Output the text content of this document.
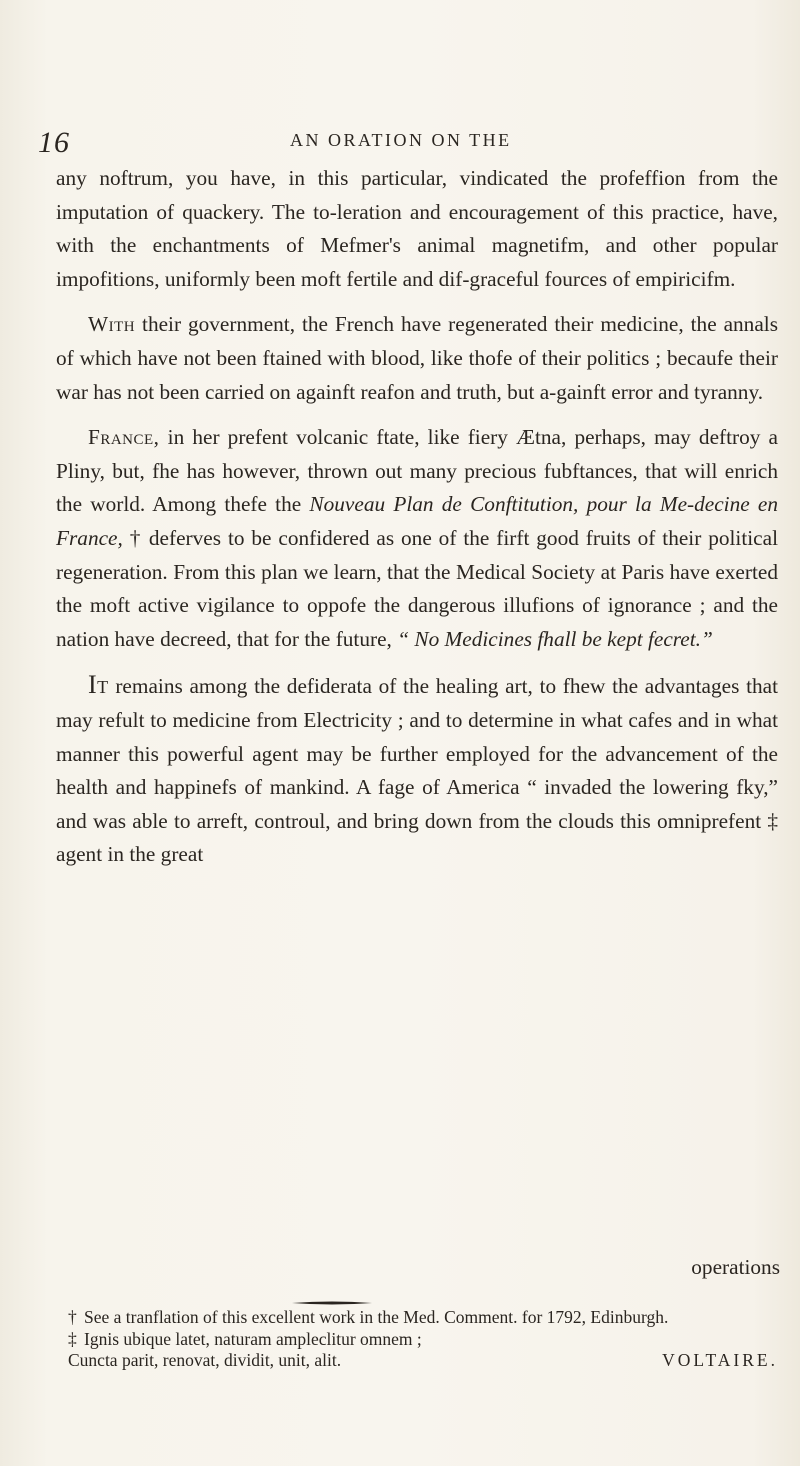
16	AN ORATION ON THE

any noftrum, you have, in this particular, vindicated the profeffion from the imputation of quackery. The to-leration and encouragement of this practice, have, with the enchantments of Mefmer's animal magnetifm, and other popular impofitions, uniformly been moft fertile and dif-graceful fources of empiricifm.

With their government, the French have regenerated their medicine, the annals of which have not been ftained with blood, like thofe of their politics ; becaufe their war has not been carried on againft reafon and truth, but a-gainft error and tyranny.

France, in her prefent volcanic ftate, like fiery Ætna, perhaps, may deftroy a Pliny, but, fhe has however, thrown out many precious fubftances, that will enrich the world. Among thefe the Nouveau Plan de Conftitution, pour la Me-decine en France, † deferves to be confidered as one of the firft good fruits of their political regeneration. From this plan we learn, that the Medical Society at Paris have exerted the moft active vigilance to oppofe the dangerous illufions of ignorance ; and the nation have decreed, that for the future, “ No Medicines fhall be kept fecret.”

It remains among the defiderata of the healing art, to fhew the advantages that may refult to medicine from Electricity ; and to determine in what cafes and in what manner this powerful agent may be further employed for the advancement of the health and happinefs of mankind. A fage of America “ invaded the lowering fky,” and was able to arreft, controul, and bring down from the clouds this omniprefent ‡ agent in the great

operations

† See a tranflation of this excellent work in the Med. Comment. for 1792, Edinburgh.

‡ Ignis ubique latet, naturam ampleclitur omnem ;

Cuncta parit, renovat, dividit, unit, alit.	VOLTAIRE.
